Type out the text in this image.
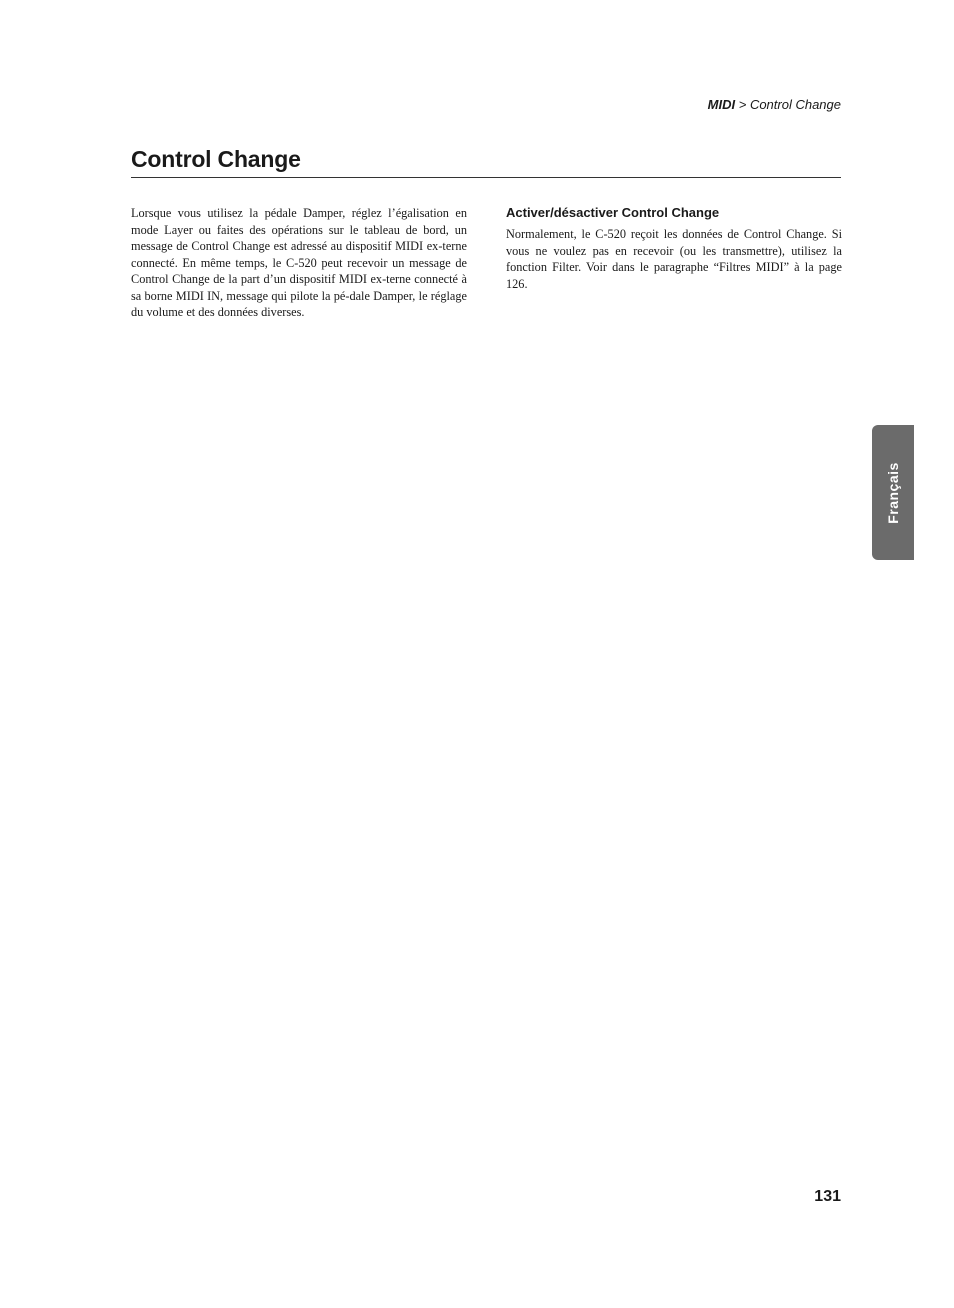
MIDI > Control Change
Control Change

Lorsque vous utilisez la pédale Damper, réglez l’égalisation en mode Layer ou faites des opérations sur le tableau de bord, un message de Control Change est adressé au dispositif MIDI ex-terne connecté. En même temps, le C-520 peut recevoir un message de Control Change de la part d’un dispositif MIDI ex-terne connecté à sa borne MIDI IN, message qui pilote la pé-dale Damper, le réglage du volume et des données diverses.

Activer/désactiver Control Change

Normalement, le C-520 reçoit les données de Control Change. Si vous ne voulez pas en recevoir (ou les transmettre), utilisez la fonction Filter. Voir dans le paragraphe “Filtres MIDI” à la page 126.

Français
131
